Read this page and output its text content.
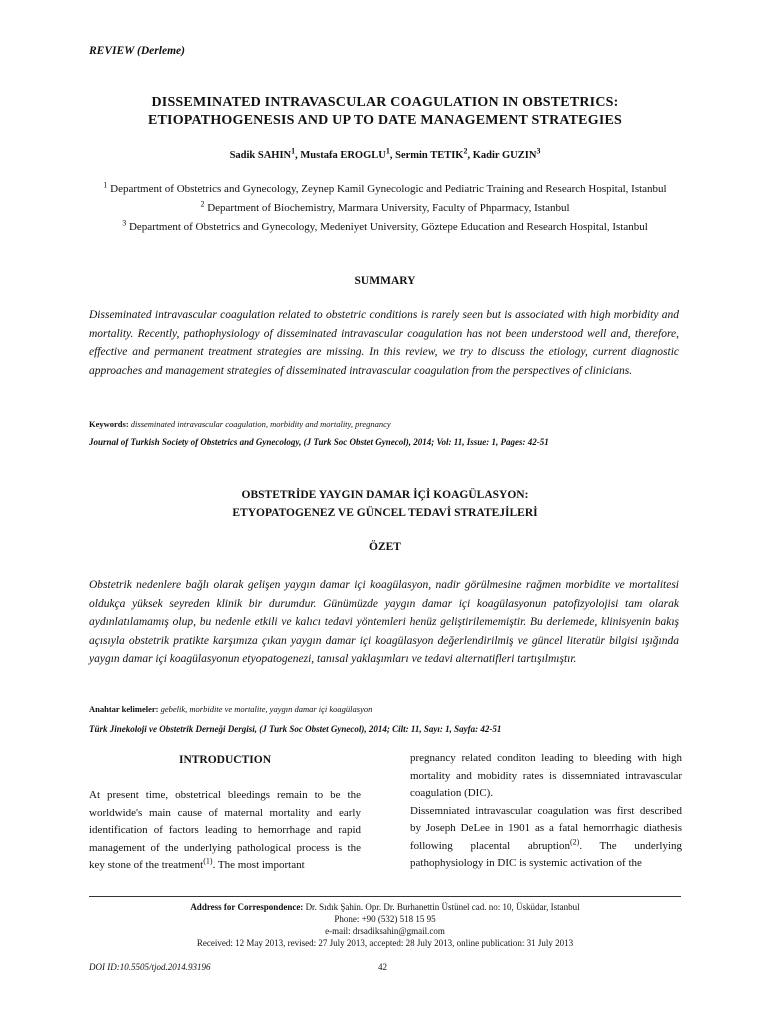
REVIEW (Derleme)
DISSEMINATED INTRAVASCULAR COAGULATION IN OBSTETRICS:
ETIOPATHOGENESIS AND UP TO DATE MANAGEMENT STRATEGIES
Sadik SAHIN$^1$, Mustafa EROGLU$^1$, Sermin TETIK$^2$, Kadir GUZIN$^3$
$^1$ Department of Obstetrics and Gynecology, Zeynep Kamil Gynecologic and Pediatric Training and Research Hospital, Istanbul
$^2$ Department of Biochemistry, Marmara University, Faculty of Phparmacy, Istanbul
$^3$ Department of Obstetrics and Gynecology, Medeniyet University, Göztepe Education and Research Hospital, Istanbul
SUMMARY

Disseminated intravascular coagulation related to obstetric conditions is rarely seen but is associated with high morbidity and mortality. Recently, pathophysiology of disseminated intravascular coagulation has not been understood well and, therefore, effective and permanent treatment strategies are missing. In this review, we try to discuss the etiology, current diagnostic approaches and management strategies of disseminated intravascular coagulation from the perspectives of clinicians.

Keywords: disseminated intravascular coagulation, morbidity and mortality, pregnancy
Journal of Turkish Society of Obstetrics and Gynecology, (J Turk Soc Obstet Gynecol), 2014; Vol: 11, Issue: 1, Pages: 42-51
OBSTETRİDE YAYGIN DAMAR İÇİ KOAGÜLASYON:
ETYOPATOGENEZ VE GÜNCEL TEDAVİ STRATEJİLERİ
ÖZET

Obstetrik nedenlere bağlı olarak gelişen yaygın damar içi koagülasyon, nadir görülmesine rağmen morbidite ve mortalitesi oldukça yüksek seyreden klinik bir durumdur. Günümüzde yaygın damar içi koagülasyonun patofizyolojisi tam olarak aydınlatılamamış olup, bu nedenle etkili ve kalıcı tedavi yöntemleri henüz geliştirilememiştir. Bu derlemede, klinisyenin bakış açısıyla obstetrik pratikte karşımıza çıkan yaygın damar içi koagülasyon değerlendirilmiş ve güncel literatür bilgisi ışığında yaygın damar içi koagülasyonun etyopatogenezi, tanısal yaklaşımları ve tedavi alternatifleri tartışılmıştır.

Anahtar kelimeler: gebelik, morbidite ve mortalite, yaygın damar içi koagülasyon
Türk Jinekoloji ve Obstetrik Derneği Dergisi, (J Turk Soc Obstet Gynecol), 2014; Cilt: 11, Sayı: 1, Sayfa: 42-51
INTRODUCTION

At present time, obstetrical bleedings remain to be the worldwide's main cause of maternal mortality and early identification of factors leading to hemorrhage and rapid management of the underlying pathological process is the key stone of the treatment$^{(1)}$. The most important

pregnancy related conditon leading to bleeding with high mortality and mobidity rates is dissemniated intravascular coagulation (DIC).

Dissemniated intravascular coagulation was first described by Joseph DeLee in 1901 as a fatal hemorrhagic diathesis following placental abruption$^{(2)}$. The underlying pathophysiology in DIC is systemic activation of the

Address for Correspondence: Dr. Sıdık Şahin. Opr. Dr. Burhanettin Üstünel cad. no: 10, Üsküdar, Istanbul
Phone: +90 (532) 518 15 95
e-mail: drsadiksahin@gmail.com
Received: 12 May 2013, revised: 27 July 2013, accepted: 28 July 2013, online publication: 31 July 2013
DOI ID:10.5505/tjod.2014.93196	42
